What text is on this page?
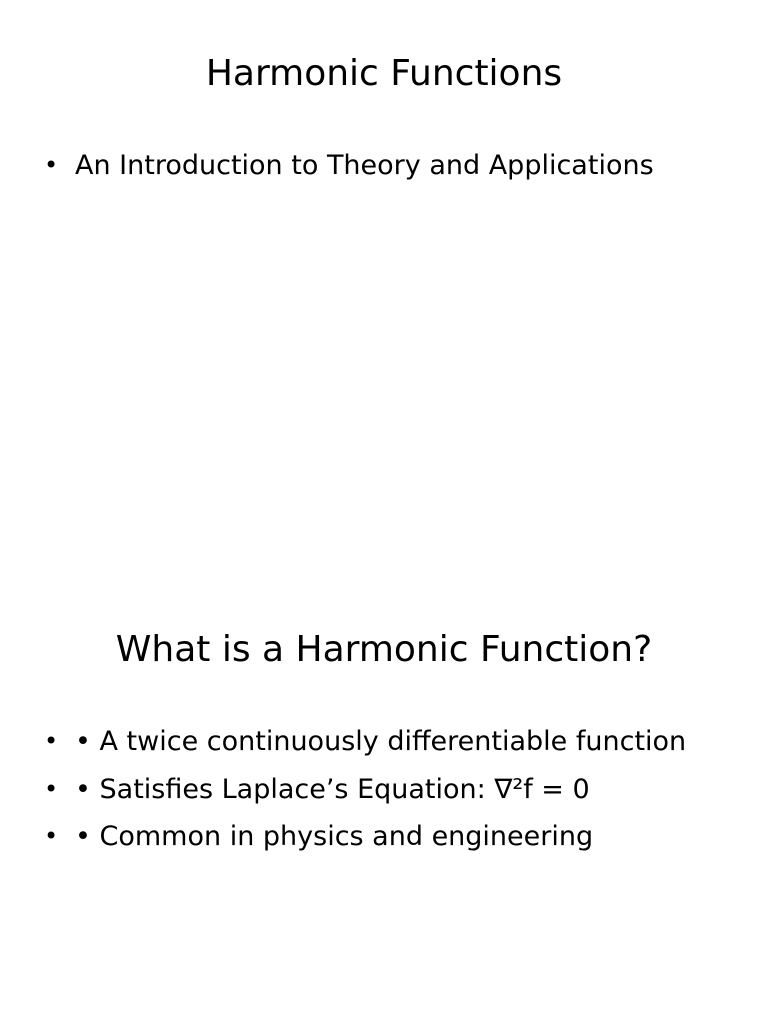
Harmonic Functions
• An Introduction to Theory and Applications
What is a Harmonic Function?
• • A twice continuously differentiable function
• • Satisfies Laplace’s Equation: ∇²f = 0
• • Common in physics and engineering
